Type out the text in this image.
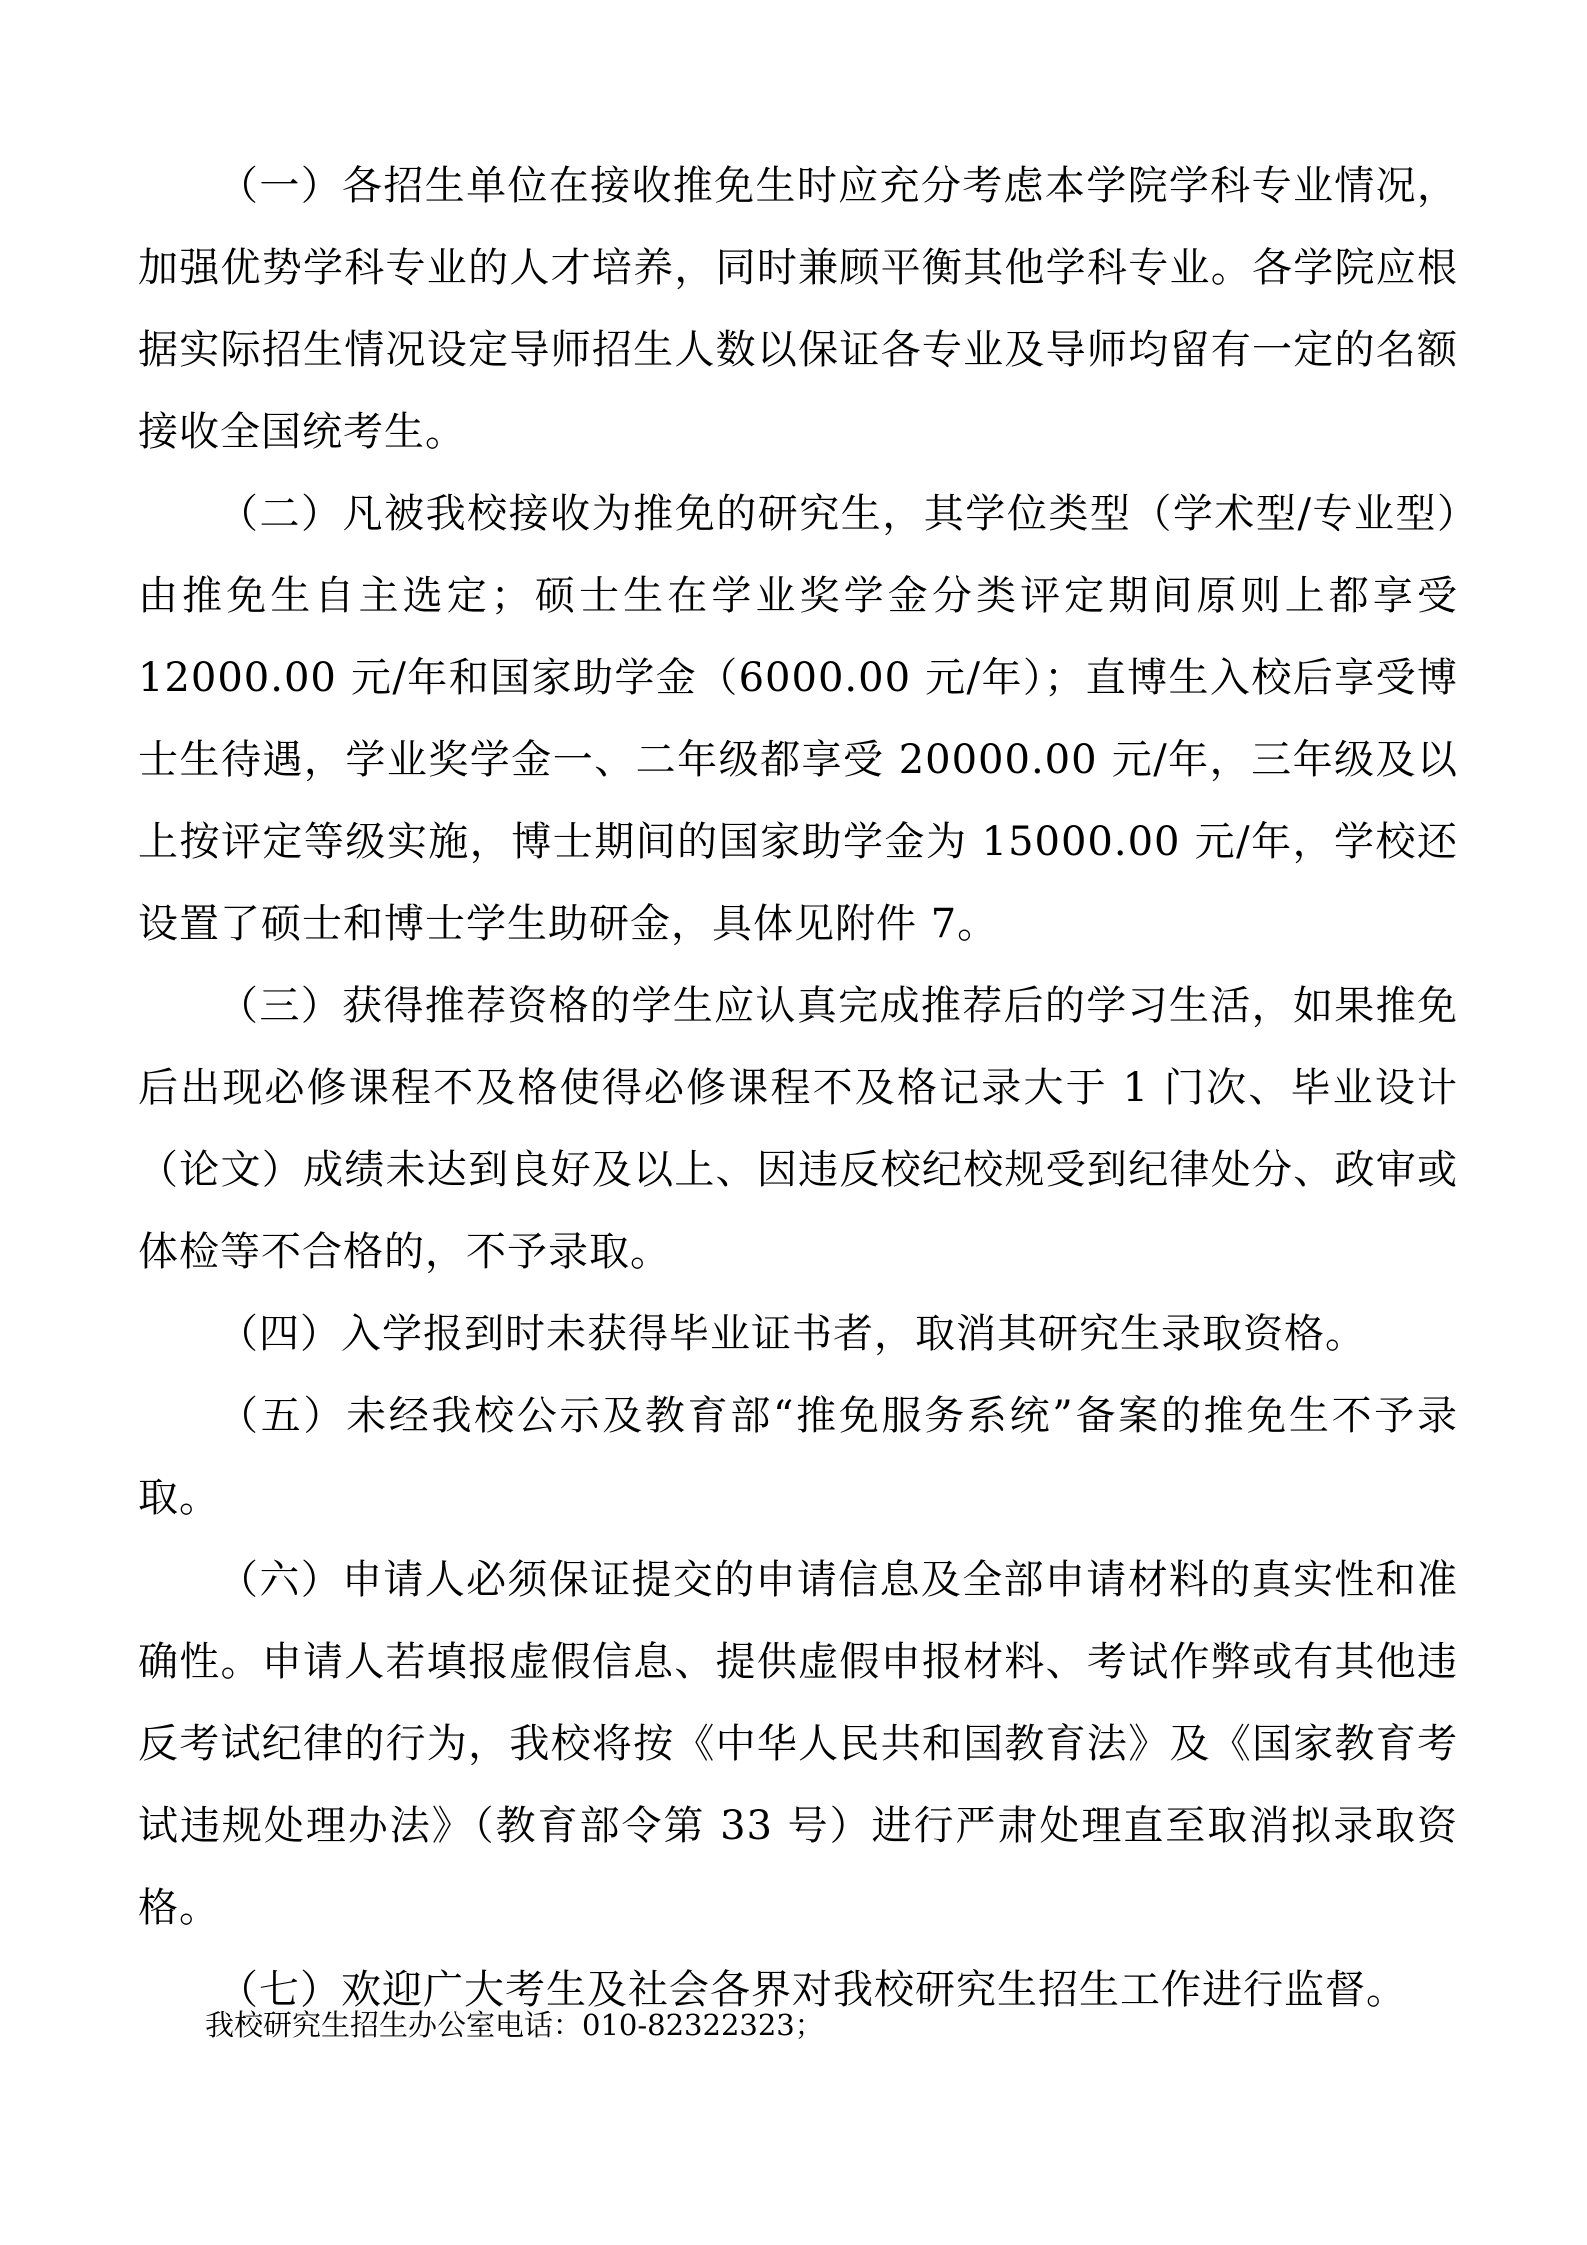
（一）各招生单位在接收推免生时应充分考虑本学院学科专业情况，加强优势学科专业的人才培养，同时兼顾平衡其他学科专业。各学院应根据实际招生情况设定导师招生人数以保证各专业及导师均留有一定的名额接收全国统考生。

（二）凡被我校接收为推免的研究生，其学位类型（学术型/专业型）由推免生自主选定；硕士生在学业奖学金分类评定期间原则上都享受12000.00 元/年和国家助学金（6000.00 元/年）；直博生入校后享受博士生待遇，学业奖学金一、二年级都享受 20000.00 元/年，三年级及以上按评定等级实施，博士期间的国家助学金为 15000.00 元/年，学校还设置了硕士和博士学生助研金，具体见附件 7。

（三）获得推荐资格的学生应认真完成推荐后的学习生活，如果推免后出现必修课程不及格使得必修课程不及格记录大于 1 门次、毕业设计（论文）成绩未达到良好及以上、因违反校纪校规受到纪律处分、政审或体检等不合格的，不予录取。

（四）入学报到时未获得毕业证书者，取消其研究生录取资格。

（五）未经我校公示及教育部“推免服务系统”备案的推免生不予录取。

（六）申请人必须保证提交的申请信息及全部申请材料的真实性和准确性。申请人若填报虚假信息、提供虚假申报材料、考试作弊或有其他违反考试纪律的行为，我校将按《中华人民共和国教育法》及《国家教育考试违规处理办法》（教育部令第 33 号）进行严肃处理直至取消拟录取资格。

（七）欢迎广大考生及社会各界对我校研究生招生工作进行监督。

我校研究生招生办公室电话：010-82322323；
